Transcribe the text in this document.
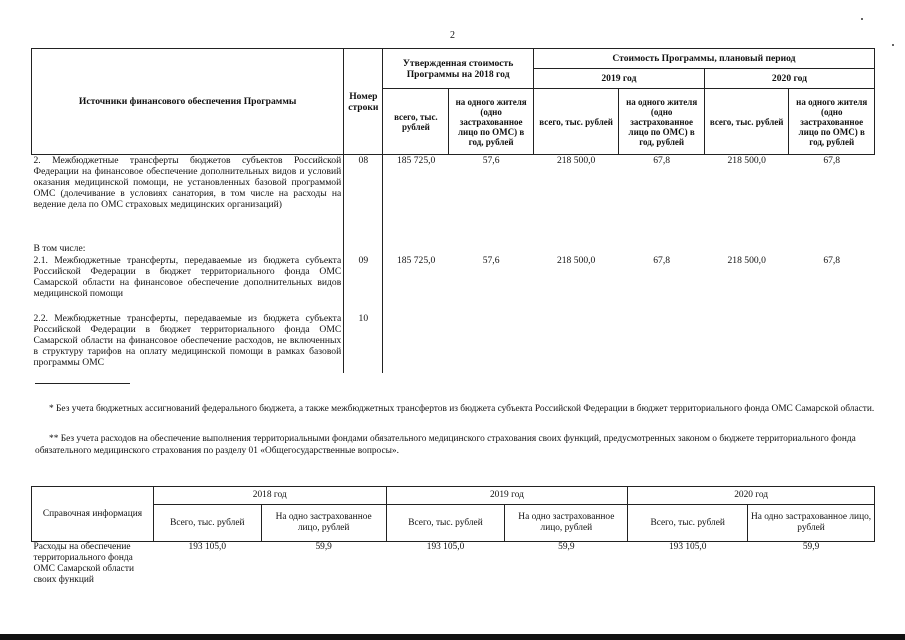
2
Источники финансового обеспечения Программы	Номер строки	Утвержденная стоимость Программы на 2018 год		Стоимость Программы, плановый период			
				2019 год		2020 год	
		всего, тыс. рублей	на одного жителя (одно застрахованное лицо по ОМС) в год, рублей	всего, тыс. рублей	на одного жителя (одно застрахованное лицо по ОМС) в год, рублей	всего, тыс. рублей	на одного жителя (одно застрахованное лицо по ОМС) в год, рублей
2. Межбюджетные трансферты бюджетов субъектов Российской Федерации на финансовое обеспечение дополнительных видов и условий оказания медицинской помощи, не установленных базовой программой ОМС (долечивание в условиях санатория, в том числе на расходы на ведение дела по ОМС страховых медицинских организаций)	08	185 725,0	57,6	218 500,0	67,8	218 500,0	67,8
В том числе:							
2.1. Межбюджетные трансферты, передаваемые из бюджета субъекта Российской Федерации в бюджет территориального фонда ОМС Самарской области на финансовое обеспечение дополнительных видов медицинской помощи	09	185 725,0	57,6	218 500,0	67,8	218 500,0	67,8
2.2. Межбюджетные трансферты, передаваемые из бюджета субъекта Российской Федерации в бюджет территориального фонда ОМС Самарской области на финансовое обеспечение расходов, не включенных в структуру тарифов на оплату медицинской помощи в рамках базовой программы ОМС	10						
* Без учета бюджетных ассигнований федерального бюджета, а также межбюджетных трансфертов из бюджета субъекта Российской Федерации в бюджет территориального фонда ОМС Самарской области.
** Без учета расходов на обеспечение выполнения территориальными фондами обязательного медицинского страхования своих функций, предусмотренных законом о бюджете территориального фонда обязательного медицинского страхования по разделу 01 «Общегосударственные вопросы».
Справочная информация	2018 год		2019 год		2020 год	
	Всего, тыс. рублей	На одно застрахованное лицо, рублей	Всего, тыс. рублей	На одно застрахованное лицо, рублей	Всего, тыс. рублей	На одно застрахованное лицо, рублей
Расходы на обеспечение территориального фонда ОМС Самарской области своих функций	193 105,0	59,9	193 105,0	59,9	193 105,0	59,9
